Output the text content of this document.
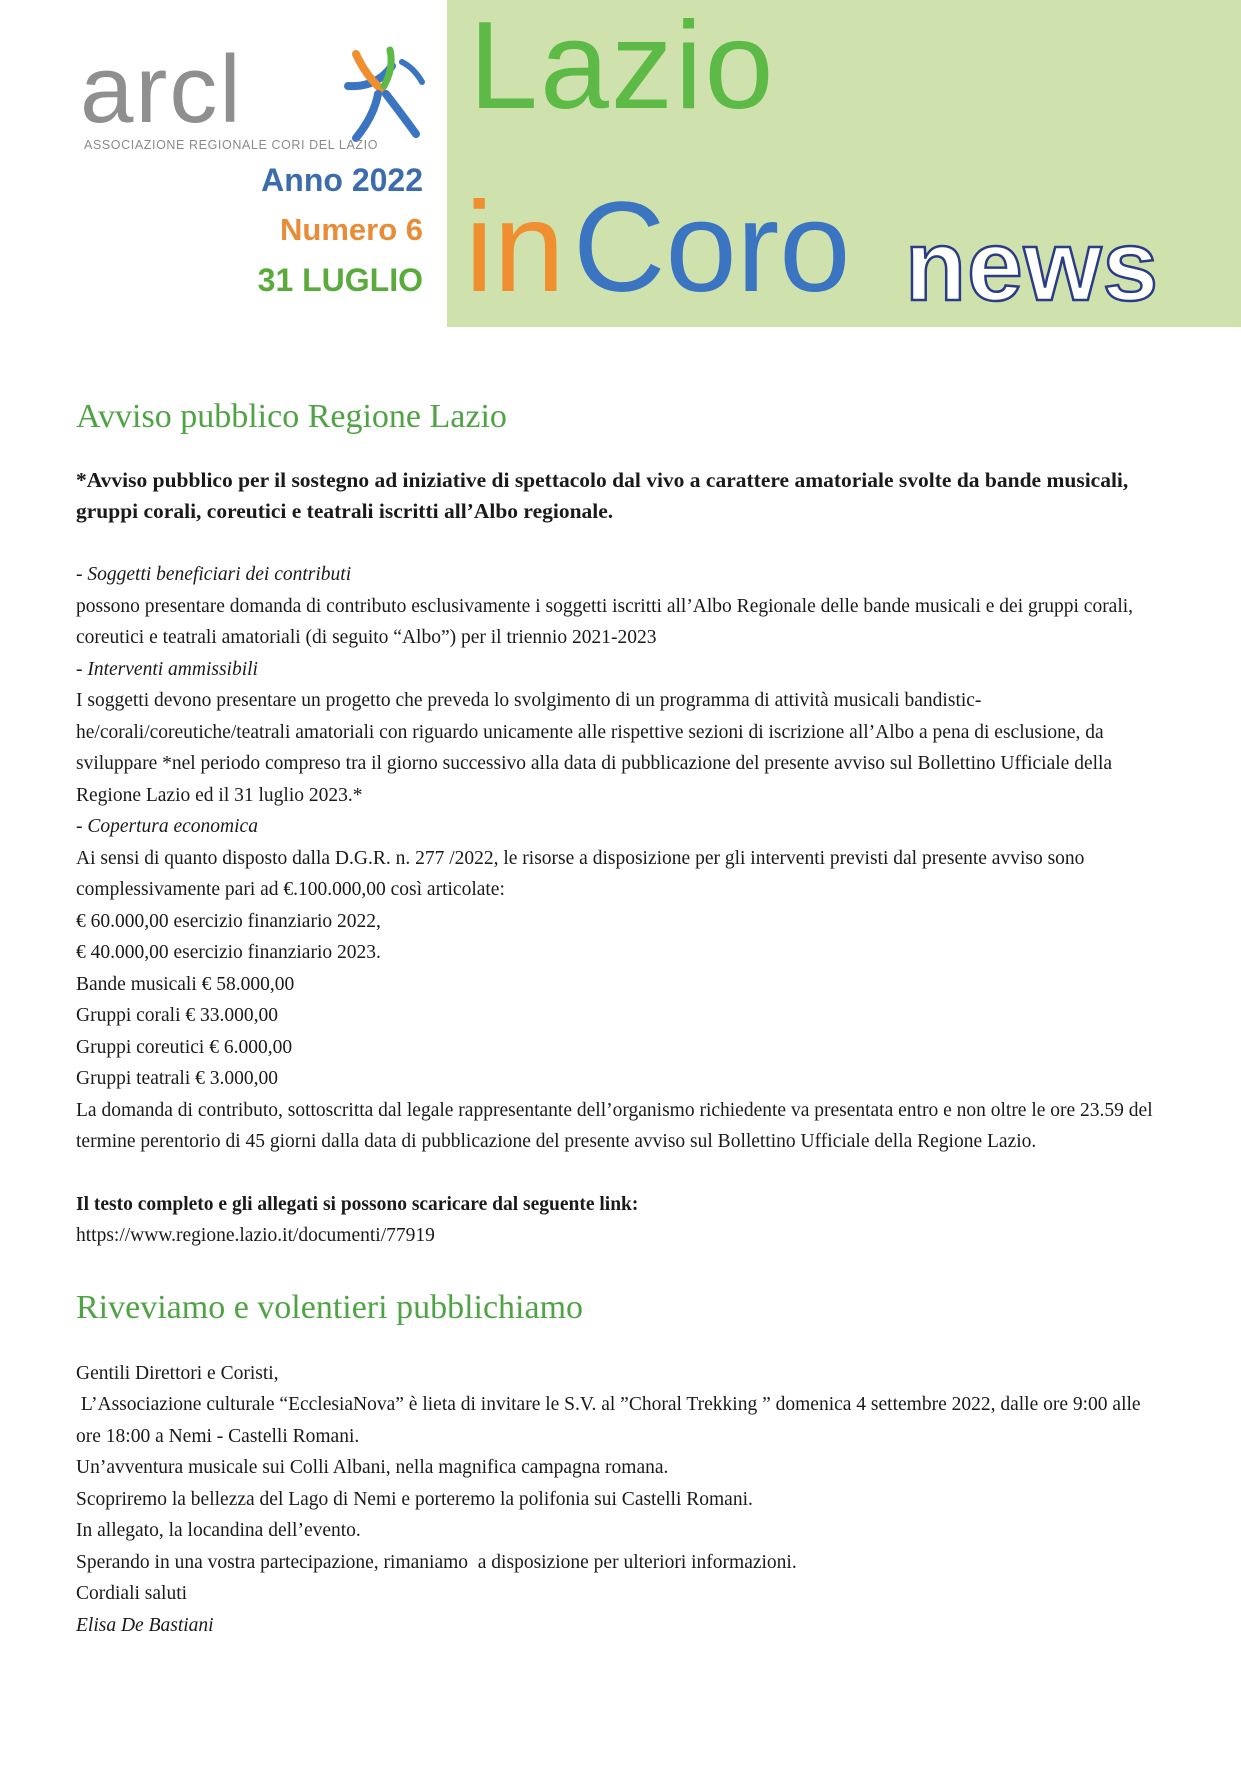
arcl
ASSOCIAZIONE REGIONALE CORI DEL LAZIO
Anno 2022
Numero 6
31 LUGLIO
Lazio
in Coro news
Avviso pubblico Regione Lazio

*Avviso pubblico per il sostegno ad iniziative di spettacolo dal vivo a carattere amatoriale svolte da bande musicali, gruppi corali, coreutici e teatrali iscritti all’Albo regionale.

- Soggetti beneficiari dei contributi

possono presentare domanda di contributo esclusivamente i soggetti iscritti all’Albo Regionale delle bande musicali e dei gruppi corali, coreutici e teatrali amatoriali (di seguito “Albo”) per il triennio 2021-2023

- Interventi ammissibili

I soggetti devono presentare un progetto che preveda lo svolgimento di un programma di attività musicali bandistic-he/corali/coreutiche/teatrali amatoriali con riguardo unicamente alle rispettive sezioni di iscrizione all’Albo a pena di esclusione, da sviluppare *nel periodo compreso tra il giorno successivo alla data di pubblicazione del presente avviso sul Bollettino Ufficiale della Regione Lazio ed il 31 luglio 2023.*

- Copertura economica

Ai sensi di quanto disposto dalla D.G.R. n. 277 /2022, le risorse a disposizione per gli interventi previsti dal presente avviso sono complessivamente pari ad €.100.000,00 così articolate:

€ 60.000,00 esercizio finanziario 2022,
€ 40.000,00 esercizio finanziario 2023.
Bande musicali € 58.000,00
Gruppi corali € 33.000,00
Gruppi coreutici € 6.000,00
Gruppi teatrali € 3.000,00

La domanda di contributo, sottoscritta dal legale rappresentante dell’organismo richiedente va presentata entro e non oltre le ore 23.59 del termine perentorio di 45 giorni dalla data di pubblicazione del presente avviso sul Bollettino Ufficiale della Regione Lazio.

Il testo completo e gli allegati si possono scaricare dal seguente link:
https://www.regione.lazio.it/documenti/77919
Riveviamo e volentieri pubblichiamo
Gentili Direttori e Coristi,

L’Associazione culturale “EcclesiaNova” è lieta di invitare le S.V. al ”Choral Trekking ” domenica 4 settembre 2022, dalle ore 9:00 alle ore 18:00 a Nemi - Castelli Romani.

Un’avventura musicale sui Colli Albani, nella magnifica campagna romana.
Scopriremo la bellezza del Lago di Nemi e porteremo la polifonia sui Castelli Romani.
In allegato, la locandina dell’evento.
Sperando in una vostra partecipazione, rimaniamo  a disposizione per ulteriori informazioni.
Cordiali saluti
Elisa De Bastiani
